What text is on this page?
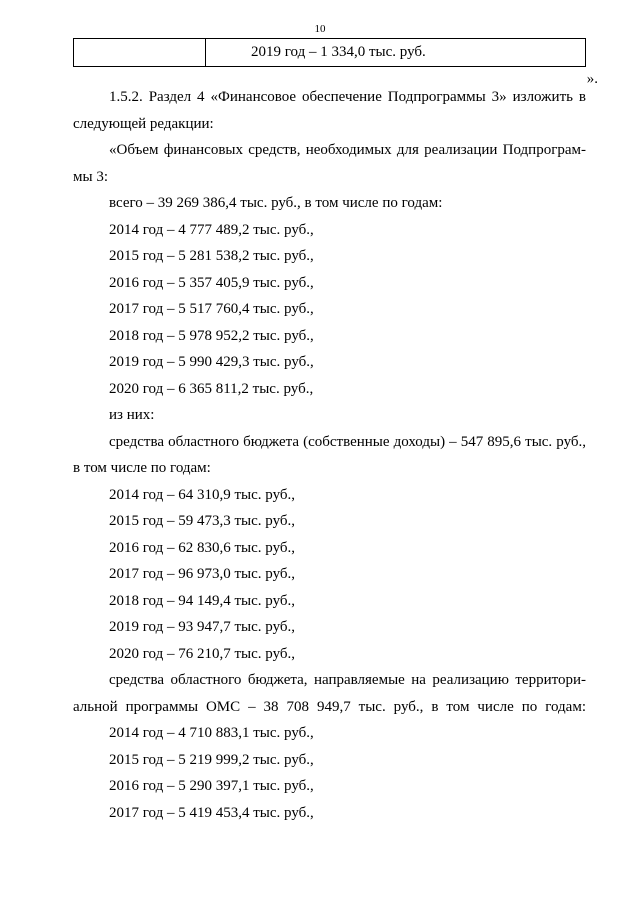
10
	2019 год – 1 334,0 тыс. руб.
».

1.5.2. Раздел 4 «Финансовое обеспечение Подпрограммы 3» изложить в

следующей редакции:

«Объем финансовых средств, необходимых для реализации Подпрограм-

мы 3:

всего – 39 269 386,4 тыс. руб., в том числе по годам:

2014 год – 4 777 489,2 тыс. руб.,

2015 год – 5 281 538,2 тыс. руб.,

2016 год – 5 357 405,9 тыс. руб.,

2017 год – 5 517 760,4 тыс. руб.,

2018 год – 5 978 952,2 тыс. руб.,

2019 год – 5 990 429,3 тыс. руб.,

2020 год – 6 365 811,2 тыс. руб.,

из них:

средства областного бюджета (собственные доходы) – 547 895,6 тыс. руб.,

в том числе по годам:

2014 год – 64 310,9 тыс. руб.,

2015 год – 59 473,3 тыс. руб.,

2016 год – 62 830,6 тыс. руб.,

2017 год – 96 973,0 тыс. руб.,

2018 год – 94 149,4 тыс. руб.,

2019 год – 93 947,7 тыс. руб.,

2020 год – 76 210,7 тыс. руб.,

средства областного бюджета, направляемые на реализацию территори-

альной программы ОМС – 38 708 949,7 тыс. руб., в том числе по годам:

2014 год – 4 710 883,1 тыс. руб.,

2015 год – 5 219 999,2 тыс. руб.,

2016 год – 5 290 397,1 тыс. руб.,

2017 год – 5 419 453,4 тыс. руб.,
